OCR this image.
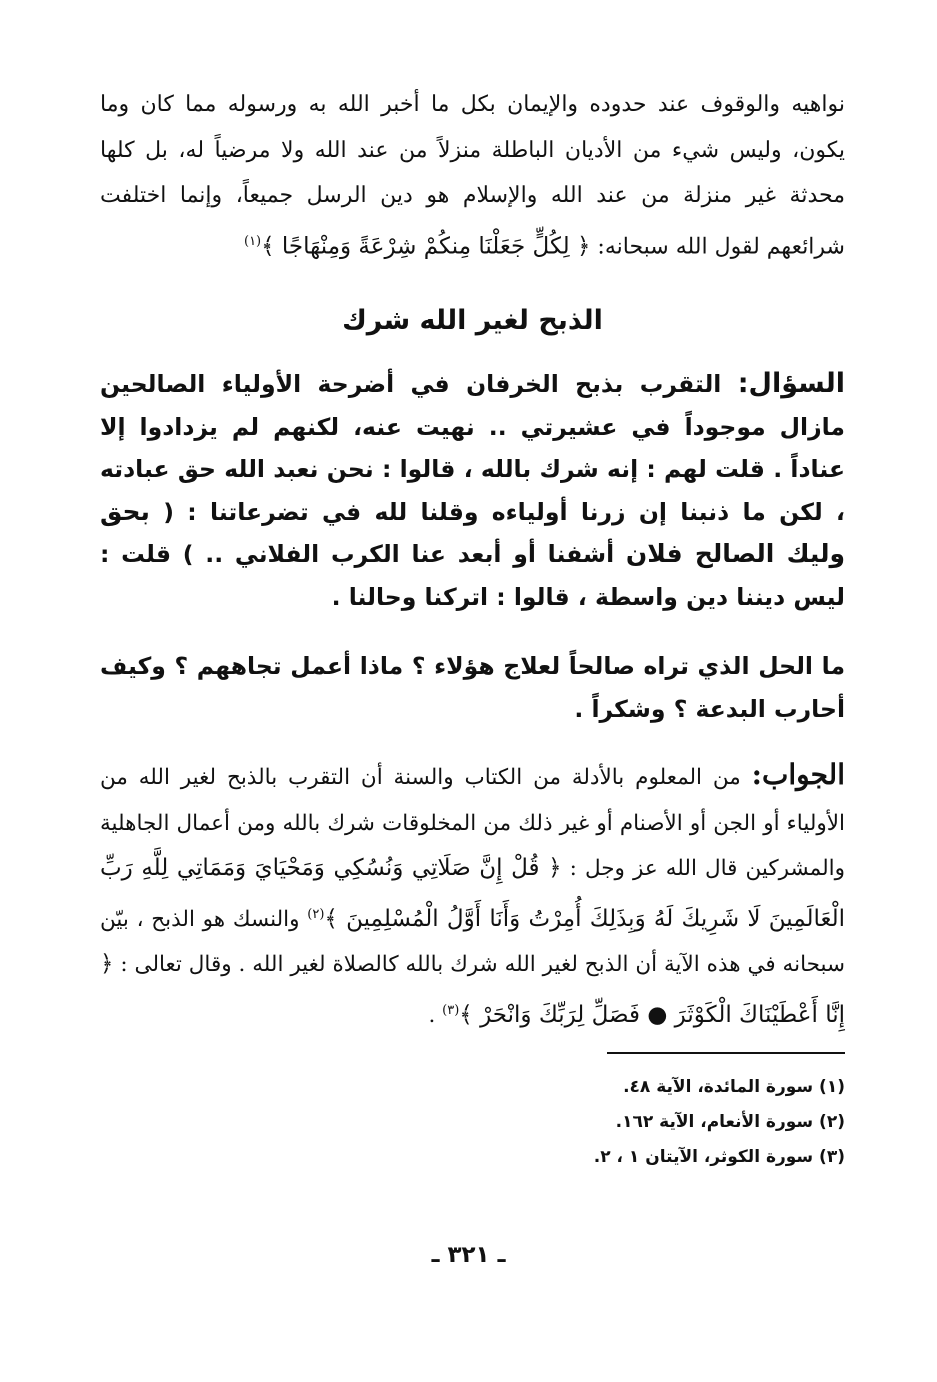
نواهيه والوقوف عند حدوده والإيمان بكل ما أخبر الله به ورسوله مما كان وما يكون، وليس شيء من الأديان الباطلة منزلاً من عند الله ولا مرضياً له، بل كلها محدثة غير منزلة من عند الله والإسلام هو دين الرسل جميعاً، وإنما اختلفت شرائعهم لقول الله سبحانه: ﴿ لِكُلٍّ جَعَلْنَا مِنكُمْ شِرْعَةً وَمِنْهَاجًا ﴾$^{(١)}$

الذبح لغير الله شرك

السؤال: التقرب بذبح الخرفان في أضرحة الأولياء الصالحين مازال موجوداً في عشيرتي .. نهيت عنه، لكنهم لم يزدادوا إلا عناداً . قلت لهم : إنه شرك بالله ، قالوا : نحن نعبد الله حق عبادته ، لكن ما ذنبنا إن زرنا أولياءه وقلنا لله في تضرعاتنا : ( بحق وليك الصالح فلان أشفنا أو أبعد عنا الكرب الفلاني .. ) قلت : ليس ديننا دين واسطة ، قالوا : اتركنا وحالنا .

ما الحل الذي تراه صالحاً لعلاج هؤلاء ؟ ماذا أعمل تجاههم ؟ وكيف أحارب البدعة ؟ وشكراً .

الجواب: من المعلوم بالأدلة من الكتاب والسنة أن التقرب بالذبح لغير الله من الأولياء أو الجن أو الأصنام أو غير ذلك من المخلوقات شرك بالله ومن أعمال الجاهلية والمشركين قال الله عز وجل : ﴿ قُلْ إِنَّ صَلَاتِي وَنُسُكِي وَمَحْيَايَ وَمَمَاتِي لِلَّهِ رَبِّ الْعَالَمِينَ لَا شَرِيكَ لَهُ وَبِذَلِكَ أُمِرْتُ وَأَنَا أَوَّلُ الْمُسْلِمِينَ ﴾$^{(٢)}$ والنسك هو الذبح ، بيّن سبحانه في هذه الآية أن الذبح لغير الله شرك بالله كالصلاة لغير الله . وقال تعالى : ﴿ إِنَّا أَعْطَيْنَاكَ الْكَوْثَرَ ● فَصَلِّ لِرَبِّكَ وَانْحَرْ ﴾$^{(٣)}$ .

(١) سورة المائدة، الآية ٤٨.
(٢) سورة الأنعام، الآية ١٦٢.
(٣) سورة الكوثر، الآيتان ١ ، ٢.
ـ ٣٢١ ـ
